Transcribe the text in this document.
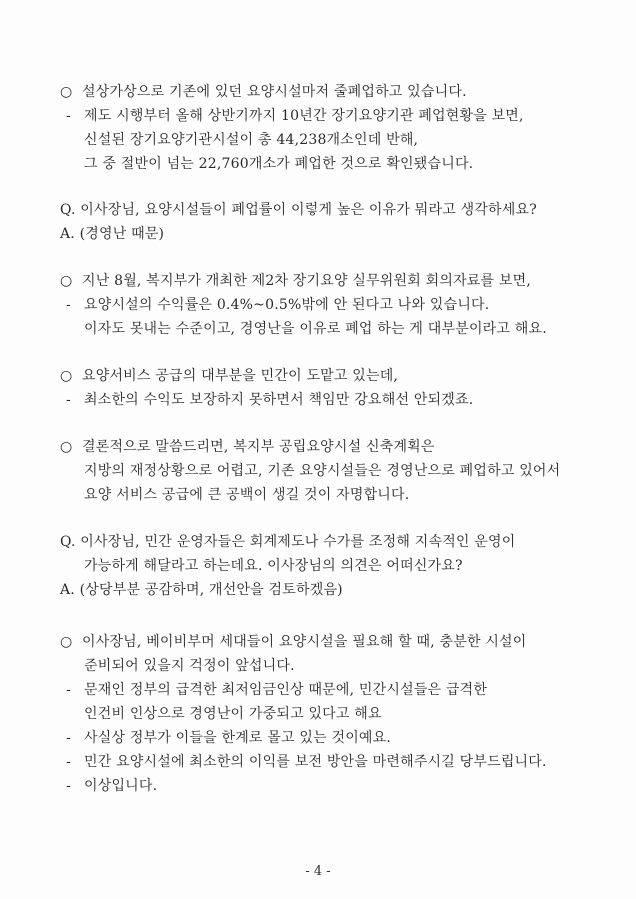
○ 설상가상으로 기존에 있던 요양시설마저 줄폐업하고 있습니다.
- 제도 시행부터 올해 상반기까지 10년간 장기요양기관 폐업현황을 보면,
신설된 장기요양기관시설이 총 44,238개소인데 반해,
그 중 절반이 넘는 22,760개소가 폐업한 것으로 확인됐습니다.
Q. 이사장님, 요양시설들이 폐업률이 이렇게 높은 이유가 뭐라고 생각하세요?
A. (경영난 때문)
○ 지난 8월, 복지부가 개최한 제2차 장기요양 실무위원회 회의자료를 보면,
- 요양시설의 수익률은 0.4%~0.5%밖에 안 된다고 나와 있습니다.
이자도 못내는 수준이고, 경영난을 이유로 폐업 하는 게 대부분이라고 해요.
○ 요양서비스 공급의 대부분을 민간이 도맡고 있는데,
- 최소한의 수익도 보장하지 못하면서 책임만 강요해선 안되겠죠.
○ 결론적으로 말씀드리면, 복지부 공립요양시설 신축계획은
지방의 재정상황으로 어렵고, 기존 요양시설들은 경영난으로 폐업하고 있어서
요양 서비스 공급에 큰 공백이 생길 것이 자명합니다.
Q. 이사장님, 민간 운영자들은 회계제도나 수가를 조정해 지속적인 운영이
가능하게 해달라고 하는데요. 이사장님의 의견은 어떠신가요?
A. (상당부분 공감하며, 개선안을 검토하겠음)
○ 이사장님, 베이비부머 세대들이 요양시설을 필요해 할 때, 충분한 시설이
준비되어 있을지 걱정이 앞섭니다.
- 문재인 정부의 급격한 최저임금인상 때문에, 민간시설들은 급격한
인건비 인상으로 경영난이 가중되고 있다고 해요
- 사실상 정부가 이들을 한계로 몰고 있는 것이예요.
- 민간 요양시설에 최소한의 이익를 보전 방안을 마련해주시길 당부드립니다.
- 이상입니다.
- 4 -
